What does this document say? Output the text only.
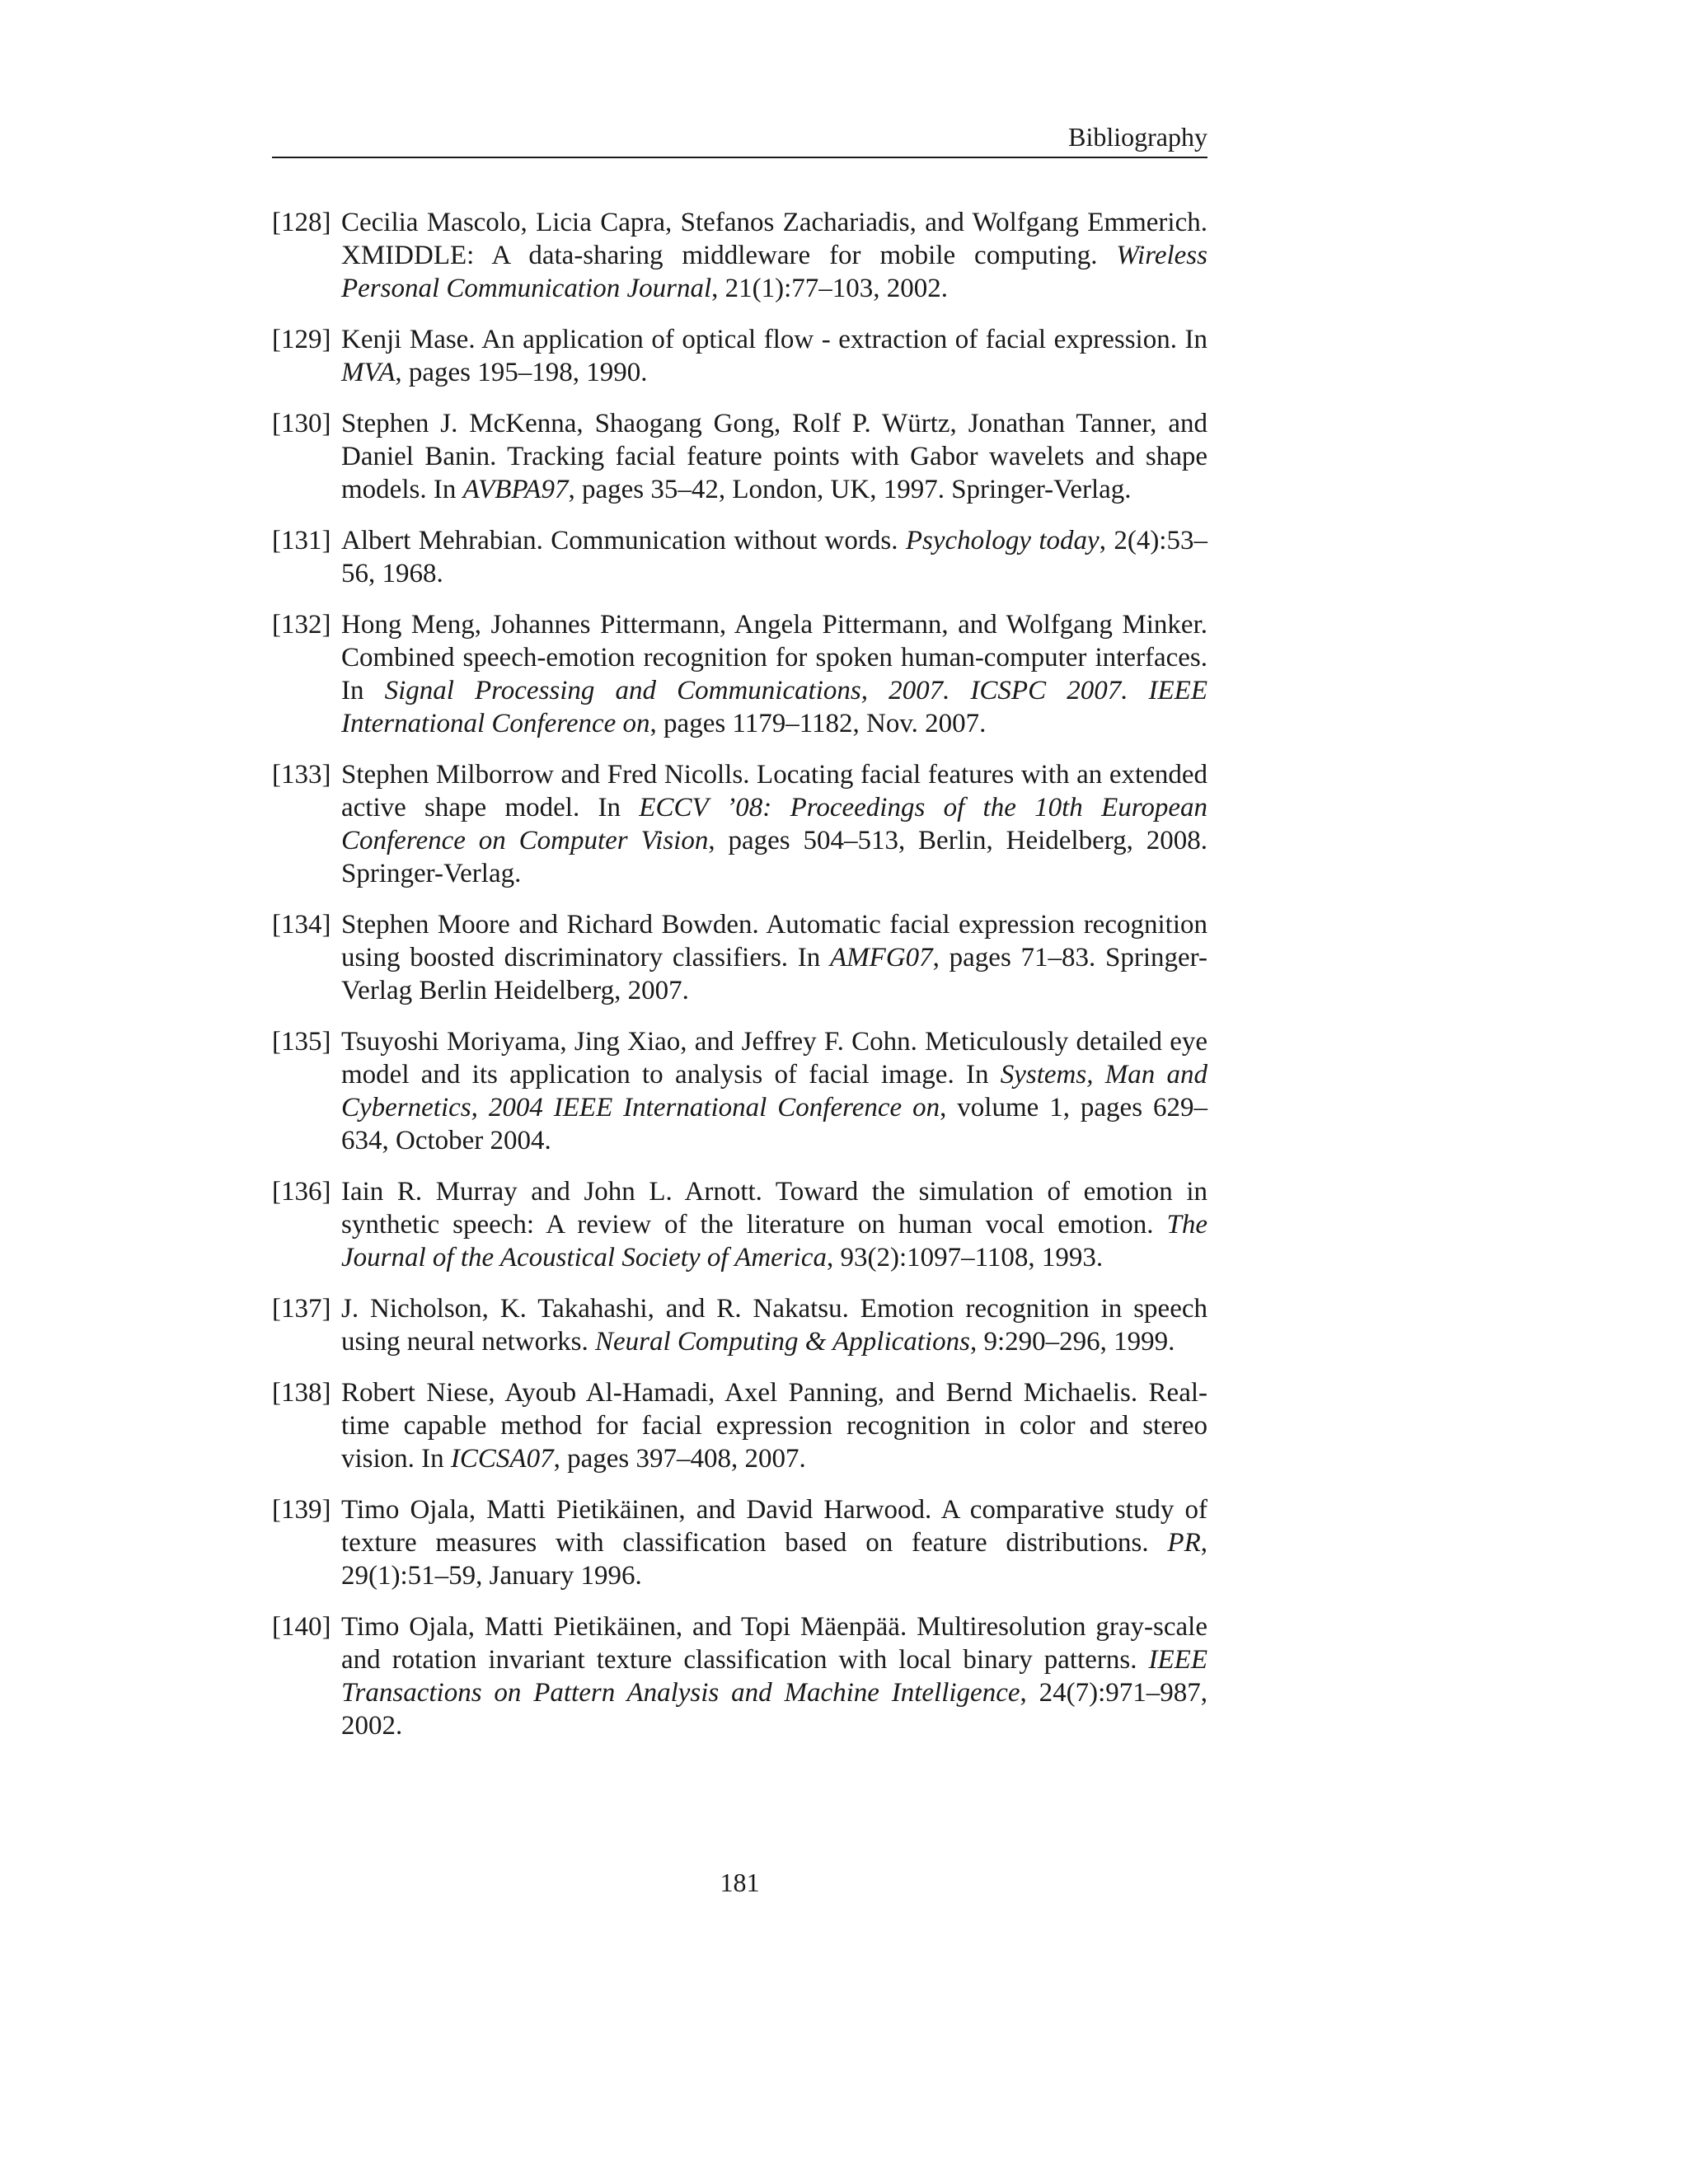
Bibliography
[128] Cecilia Mascolo, Licia Capra, Stefanos Zachariadis, and Wolfgang Emmerich. XMIDDLE: A data-sharing middleware for mobile computing. Wireless Personal Communication Journal, 21(1):77–103, 2002.
[129] Kenji Mase. An application of optical flow - extraction of facial expression. In MVA, pages 195–198, 1990.
[130] Stephen J. McKenna, Shaogang Gong, Rolf P. Würtz, Jonathan Tanner, and Daniel Banin. Tracking facial feature points with Gabor wavelets and shape models. In AVBPA97, pages 35–42, London, UK, 1997. Springer-Verlag.
[131] Albert Mehrabian. Communication without words. Psychology today, 2(4):53–56, 1968.
[132] Hong Meng, Johannes Pittermann, Angela Pittermann, and Wolfgang Minker. Combined speech-emotion recognition for spoken human-computer interfaces. In Signal Processing and Communications, 2007. ICSPC 2007. IEEE International Conference on, pages 1179–1182, Nov. 2007.
[133] Stephen Milborrow and Fred Nicolls. Locating facial features with an extended active shape model. In ECCV ’08: Proceedings of the 10th European Conference on Computer Vision, pages 504–513, Berlin, Heidelberg, 2008. Springer-Verlag.
[134] Stephen Moore and Richard Bowden. Automatic facial expression recognition using boosted discriminatory classifiers. In AMFG07, pages 71–83. Springer-Verlag Berlin Heidelberg, 2007.
[135] Tsuyoshi Moriyama, Jing Xiao, and Jeffrey F. Cohn. Meticulously detailed eye model and its application to analysis of facial image. In Systems, Man and Cybernetics, 2004 IEEE International Conference on, volume 1, pages 629–634, October 2004.
[136] Iain R. Murray and John L. Arnott. Toward the simulation of emotion in synthetic speech: A review of the literature on human vocal emotion. The Journal of the Acoustical Society of America, 93(2):1097–1108, 1993.
[137] J. Nicholson, K. Takahashi, and R. Nakatsu. Emotion recognition in speech using neural networks. Neural Computing & Applications, 9:290–296, 1999.
[138] Robert Niese, Ayoub Al-Hamadi, Axel Panning, and Bernd Michaelis. Real-time capable method for facial expression recognition in color and stereo vision. In ICCSA07, pages 397–408, 2007.
[139] Timo Ojala, Matti Pietikäinen, and David Harwood. A comparative study of texture measures with classification based on feature distributions. PR, 29(1):51–59, January 1996.
[140] Timo Ojala, Matti Pietikäinen, and Topi Mäenpää. Multiresolution gray-scale and rotation invariant texture classification with local binary patterns. IEEE Transactions on Pattern Analysis and Machine Intelligence, 24(7):971–987, 2002.
181
